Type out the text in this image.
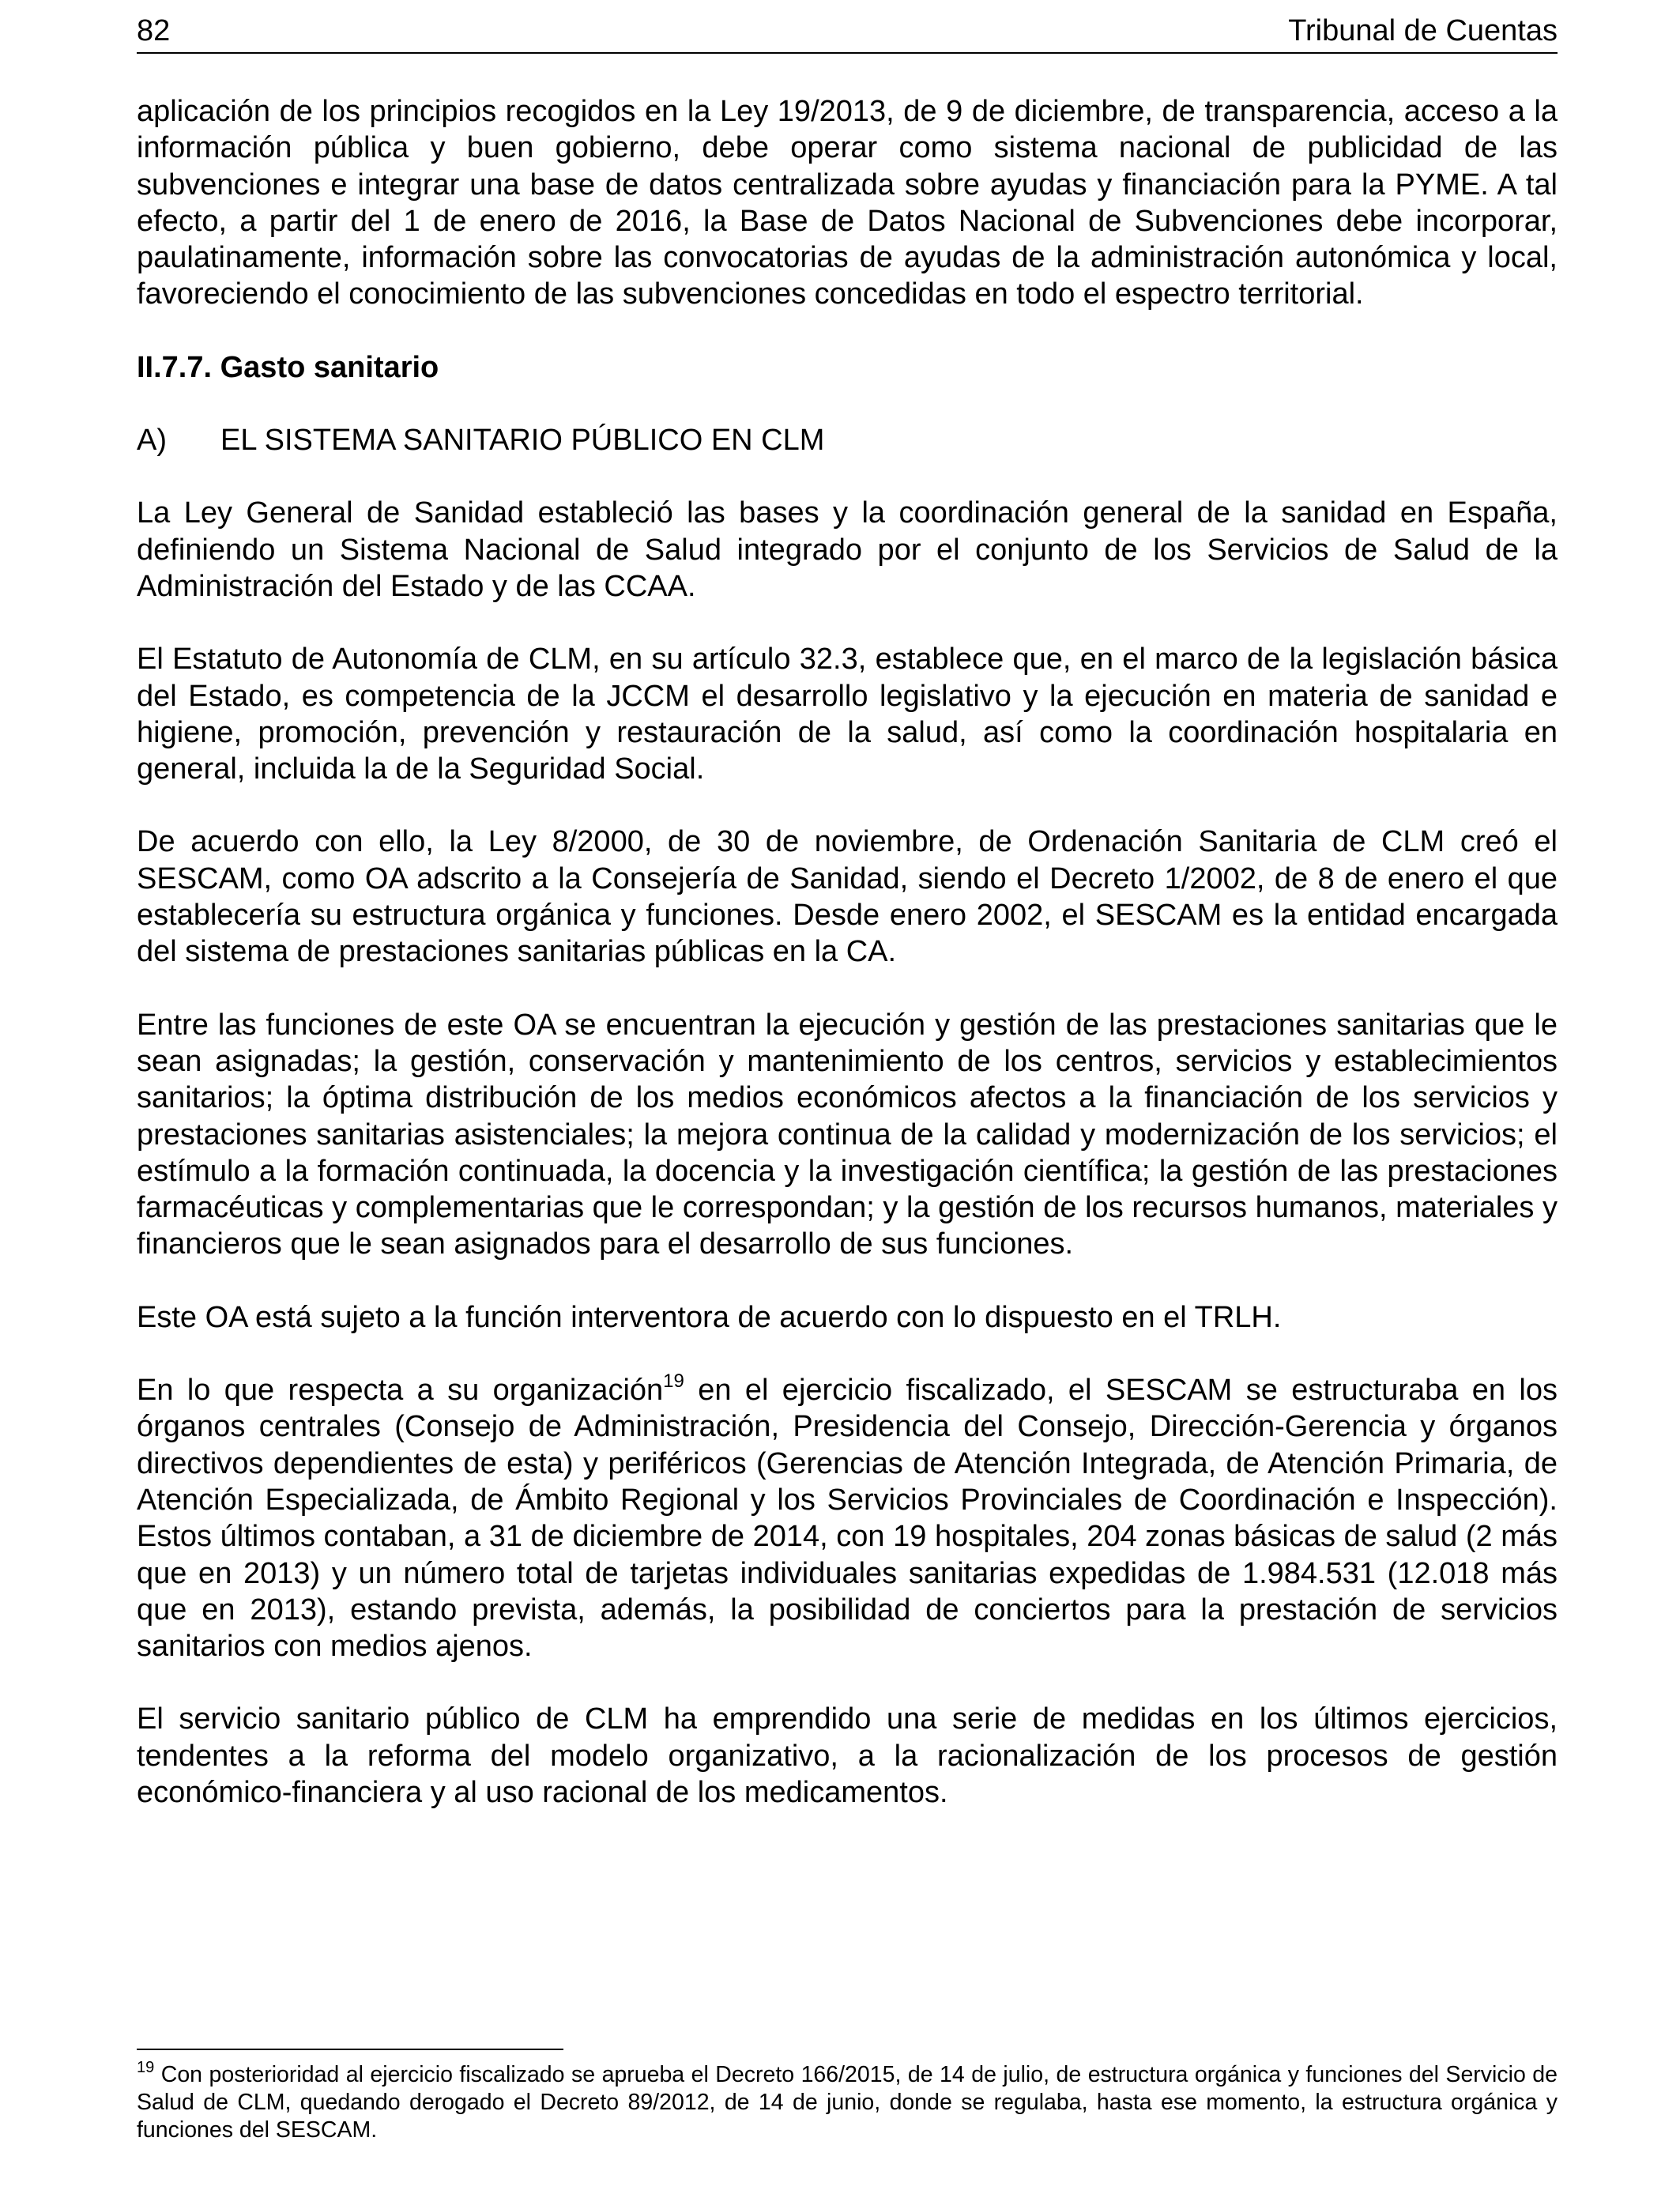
82	Tribunal de Cuentas

aplicación de los principios recogidos en la Ley 19/2013, de 9 de diciembre, de transparencia, acceso a la información pública y buen gobierno, debe operar como sistema nacional de publicidad de las subvenciones e integrar una base de datos centralizada sobre ayudas y financiación para la PYME. A tal efecto, a partir del 1 de enero de 2016, la Base de Datos Nacional de Subvenciones debe incorporar, paulatinamente, información sobre las convocatorias de ayudas de la administración autonómica y local, favoreciendo el conocimiento de las subvenciones concedidas en todo el espectro territorial.

II.7.7. Gasto sanitario

A) EL SISTEMA SANITARIO PÚBLICO EN CLM

La Ley General de Sanidad estableció las bases y la coordinación general de la sanidad en España, definiendo un Sistema Nacional de Salud integrado por el conjunto de los Servicios de Salud de la Administración del Estado y de las CCAA.

El Estatuto de Autonomía de CLM, en su artículo 32.3, establece que, en el marco de la legislación básica del Estado, es competencia de la JCCM el desarrollo legislativo y la ejecución en materia de sanidad e higiene, promoción, prevención y restauración de la salud, así como la coordinación hospitalaria en general, incluida la de la Seguridad Social.

De acuerdo con ello, la Ley 8/2000, de 30 de noviembre, de Ordenación Sanitaria de CLM creó el SESCAM, como OA adscrito a la Consejería de Sanidad, siendo el Decreto 1/2002, de 8 de enero el que establecería su estructura orgánica y funciones. Desde enero 2002, el SESCAM es la entidad encargada del sistema de prestaciones sanitarias públicas en la CA.

Entre las funciones de este OA se encuentran la ejecución y gestión de las prestaciones sanitarias que le sean asignadas; la gestión, conservación y mantenimiento de los centros, servicios y establecimientos sanitarios; la óptima distribución de los medios económicos afectos a la financiación de los servicios y prestaciones sanitarias asistenciales; la mejora continua de la calidad y modernización de los servicios; el estímulo a la formación continuada, la docencia y la investigación científica; la gestión de las prestaciones farmacéuticas y complementarias que le correspondan; y la gestión de los recursos humanos, materiales y financieros que le sean asignados para el desarrollo de sus funciones.

Este OA está sujeto a la función interventora de acuerdo con lo dispuesto en el TRLH.

En lo que respecta a su organización$^{19}$ en el ejercicio fiscalizado, el SESCAM se estructuraba en los órganos centrales (Consejo de Administración, Presidencia del Consejo, Dirección-Gerencia y órganos directivos dependientes de esta) y periféricos (Gerencias de Atención Integrada, de Atención Primaria, de Atención Especializada, de Ámbito Regional y los Servicios Provinciales de Coordinación e Inspección). Estos últimos contaban, a 31 de diciembre de 2014, con 19 hospitales, 204 zonas básicas de salud (2 más que en 2013) y un número total de tarjetas individuales sanitarias expedidas de 1.984.531 (12.018 más que en 2013), estando prevista, además, la posibilidad de conciertos para la prestación de servicios sanitarios con medios ajenos.

El servicio sanitario público de CLM ha emprendido una serie de medidas en los últimos ejercicios, tendentes a la reforma del modelo organizativo, a la racionalización de los procesos de gestión económico-financiera y al uso racional de los medicamentos.

$^{19}$ Con posterioridad al ejercicio fiscalizado se aprueba el Decreto 166/2015, de 14 de julio, de estructura orgánica y funciones del Servicio de Salud de CLM, quedando derogado el Decreto 89/2012, de 14 de junio, donde se regulaba, hasta ese momento, la estructura orgánica y funciones del SESCAM.
